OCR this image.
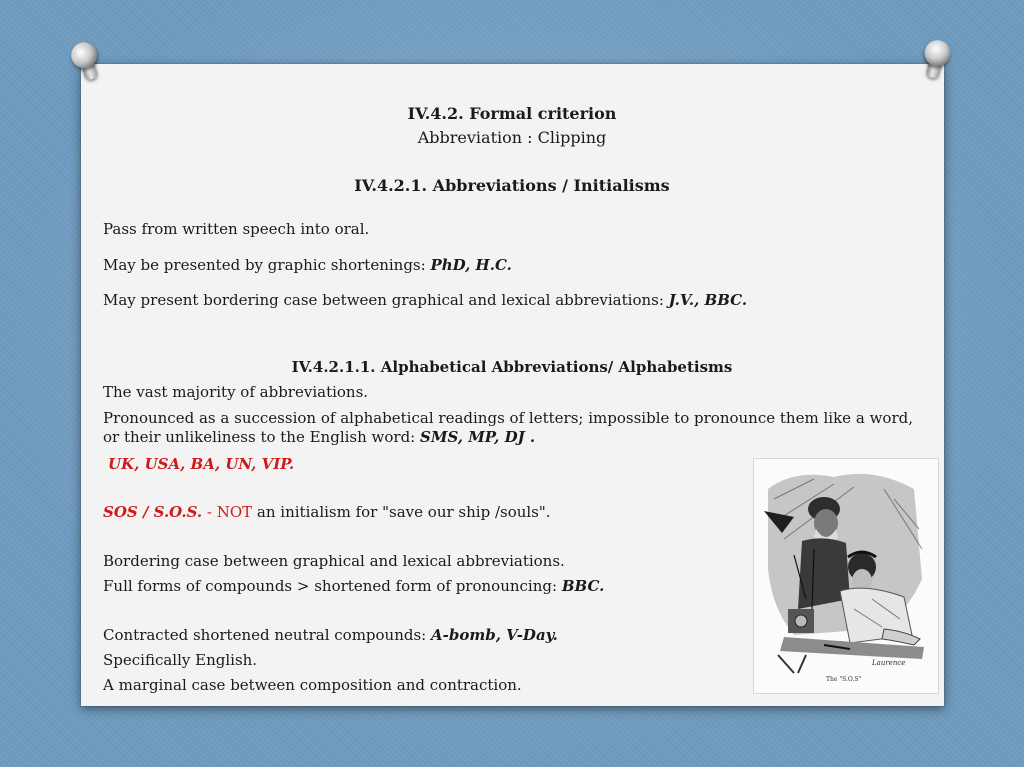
IV.4.2. Formal criterion

Abbreviation : Clipping

IV.4.2.1. Abbreviations / Initialisms

Pass from written speech into oral.

May be presented by graphic shortenings: PhD, H.C.

May present bordering case between graphical and lexical abbreviations: J.V., BBC.

IV.4.2.1.1. Alphabetical Abbreviations/ Alphabetisms

The vast majority of abbreviations.

Pronounced as a succession of alphabetical readings of letters; impossible to pronounce them like a word, or their unlikeliness to the English word: SMS, MP, DJ .

UK, USA, BA, UN, VIP.

SOS / S.O.S. - NOT an initialism for "save our ship /souls".

Bordering case between graphical and lexical abbreviations.

Full forms of compounds > shortened form of pronouncing: BBC.

Contracted shortened neutral compounds: A-bomb, V-Day.

Specifically English.

A marginal case between composition and contraction.	The "S.O.S"
Laurence
